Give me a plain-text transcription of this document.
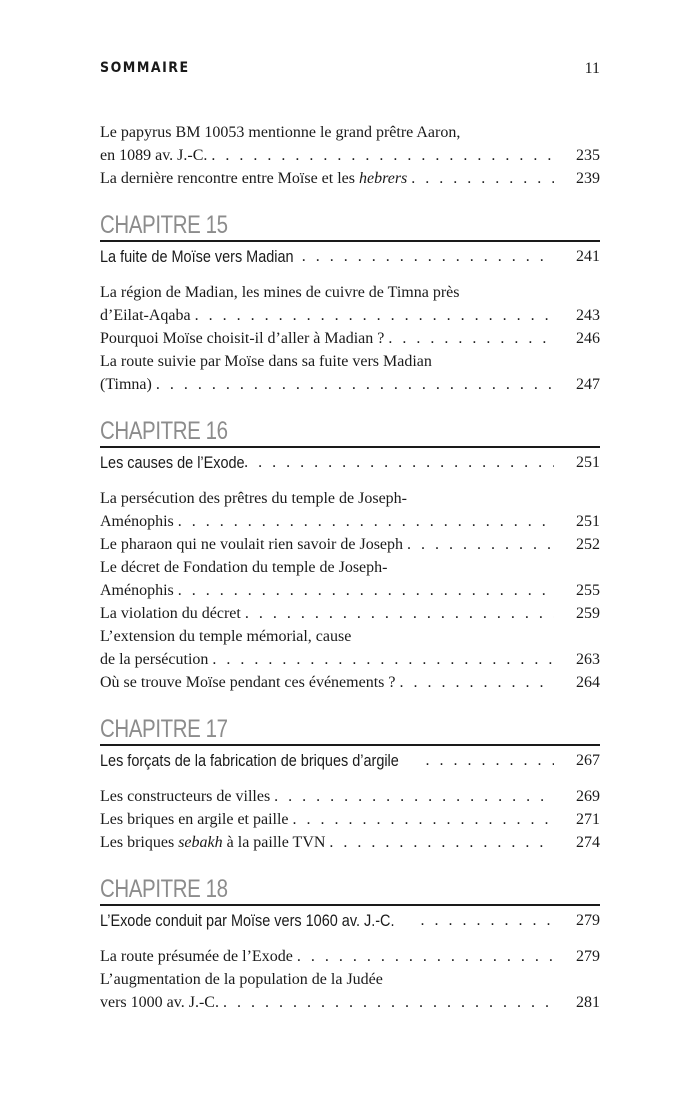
SOMMAIRE	11
Le papyrus BM 10053 mentionne le grand prêtre Aaron,
en 1089 av. J.-C. . . .	235
La dernière rencontre entre Moïse et les hebrers . . .	239
CHAPITRE 15
La fuite de Moïse vers Madian . . .	241
La région de Madian, les mines de cuivre de Timna près
d’Eilat-Aqaba . . .	243
Pourquoi Moïse choisit-il d’aller à Madian ? . . .	246
La route suivie par Moïse dans sa fuite vers Madian
(Timna) . . .	247
CHAPITRE 16
Les causes de l’Exode . . .	251
La persécution des prêtres du temple de Joseph-
Aménophis . . .	251
Le pharaon qui ne voulait rien savoir de Joseph . . .	252
Le décret de Fondation du temple de Joseph-
Aménophis . . .	255
La violation du décret . . .	259
L’extension du temple mémorial, cause
de la persécution . . .	263
Où se trouve Moïse pendant ces événements ? . . .	264
CHAPITRE 17
Les forçats de la fabrication de briques d’argile . . .	267
Les constructeurs de villes . . .	269
Les briques en argile et paille . . .	271
Les briques sebakh à la paille TVN . . .	274
CHAPITRE 18
L’Exode conduit par Moïse vers 1060 av. J.-C. . . .	279
La route présumée de l’Exode . . .	279
L’augmentation de la population de la Judée
vers 1000 av. J.-C. . . .	281
